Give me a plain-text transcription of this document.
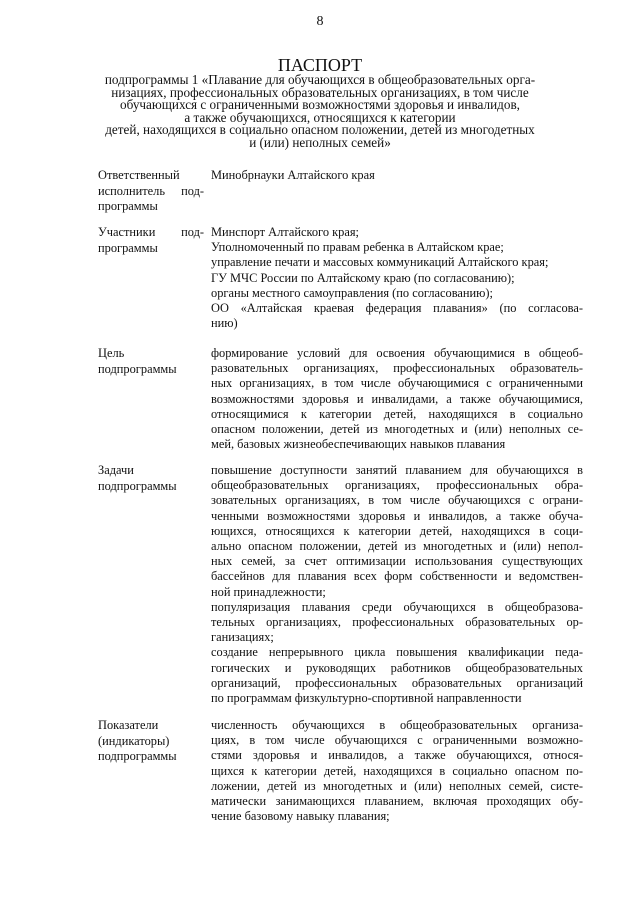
8
ПАСПОРТ
подпрограммы 1 «Плавание для обучающихся в общеобразовательных орга-
низациях, профессиональных образовательных организациях, в том числе
обучающихся с ограниченными возможностями здоровья и инвалидов,
а также обучающихся, относящихся к категории
детей, находящихся в социально опасном положении, детей из многодетных
и (или) неполных семей»
Ответственный
исполнитель под-
программы
Минобрнауки Алтайского края
Участники под-
программы
Минспорт Алтайского края;
Уполномоченный по правам ребенка в Алтайском крае;
управление печати и массовых коммуникаций Алтайского края;
ГУ МЧС России по Алтайскому краю (по согласованию);
органы местного самоуправления (по согласованию);
ОО «Алтайская краевая федерация плавания» (по согласова-
нию)
Цель
подпрограммы
формирование условий для освоения обучающимися в общеоб-
разовательных организациях, профессиональных образователь-
ных организациях, в том числе обучающимися с ограниченными
возможностями здоровья и инвалидами, а также обучающимися,
относящимися к категории детей, находящихся в социально
опасном положении, детей из многодетных и (или) неполных се-
мей, базовых жизнеобеспечивающих навыков плавания
Задачи
подпрограммы
повышение доступности занятий плаванием для обучающихся в
общеобразовательных организациях, профессиональных обра-
зовательных организациях, в том числе обучающихся с ограни-
ченными возможностями здоровья и инвалидов, а также обуча-
ющихся, относящихся к категории детей, находящихся в соци-
ально опасном положении, детей из многодетных и (или) непол-
ных семей, за счет оптимизации использования существующих
бассейнов для плавания всех форм собственности и ведомствен-
ной принадлежности;
популяризация плавания среди обучающихся в общеобразова-
тельных организациях, профессиональных образовательных ор-
ганизациях;
создание непрерывного цикла повышения квалификации педа-
гогических и руководящих работников общеобразовательных
организаций, профессиональных образовательных организаций
по программам физкультурно-спортивной направленности
Показатели
(индикаторы)
подпрограммы
численность обучающихся в общеобразовательных организа-
циях, в том числе обучающихся с ограниченными возможно-
стями здоровья и инвалидов, а также обучающихся, относя-
щихся к категории детей, находящихся в социально опасном по-
ложении, детей из многодетных и (или) неполных семей, систе-
матически занимающихся плаванием, включая проходящих обу-
чение базовому навыку плавания;
